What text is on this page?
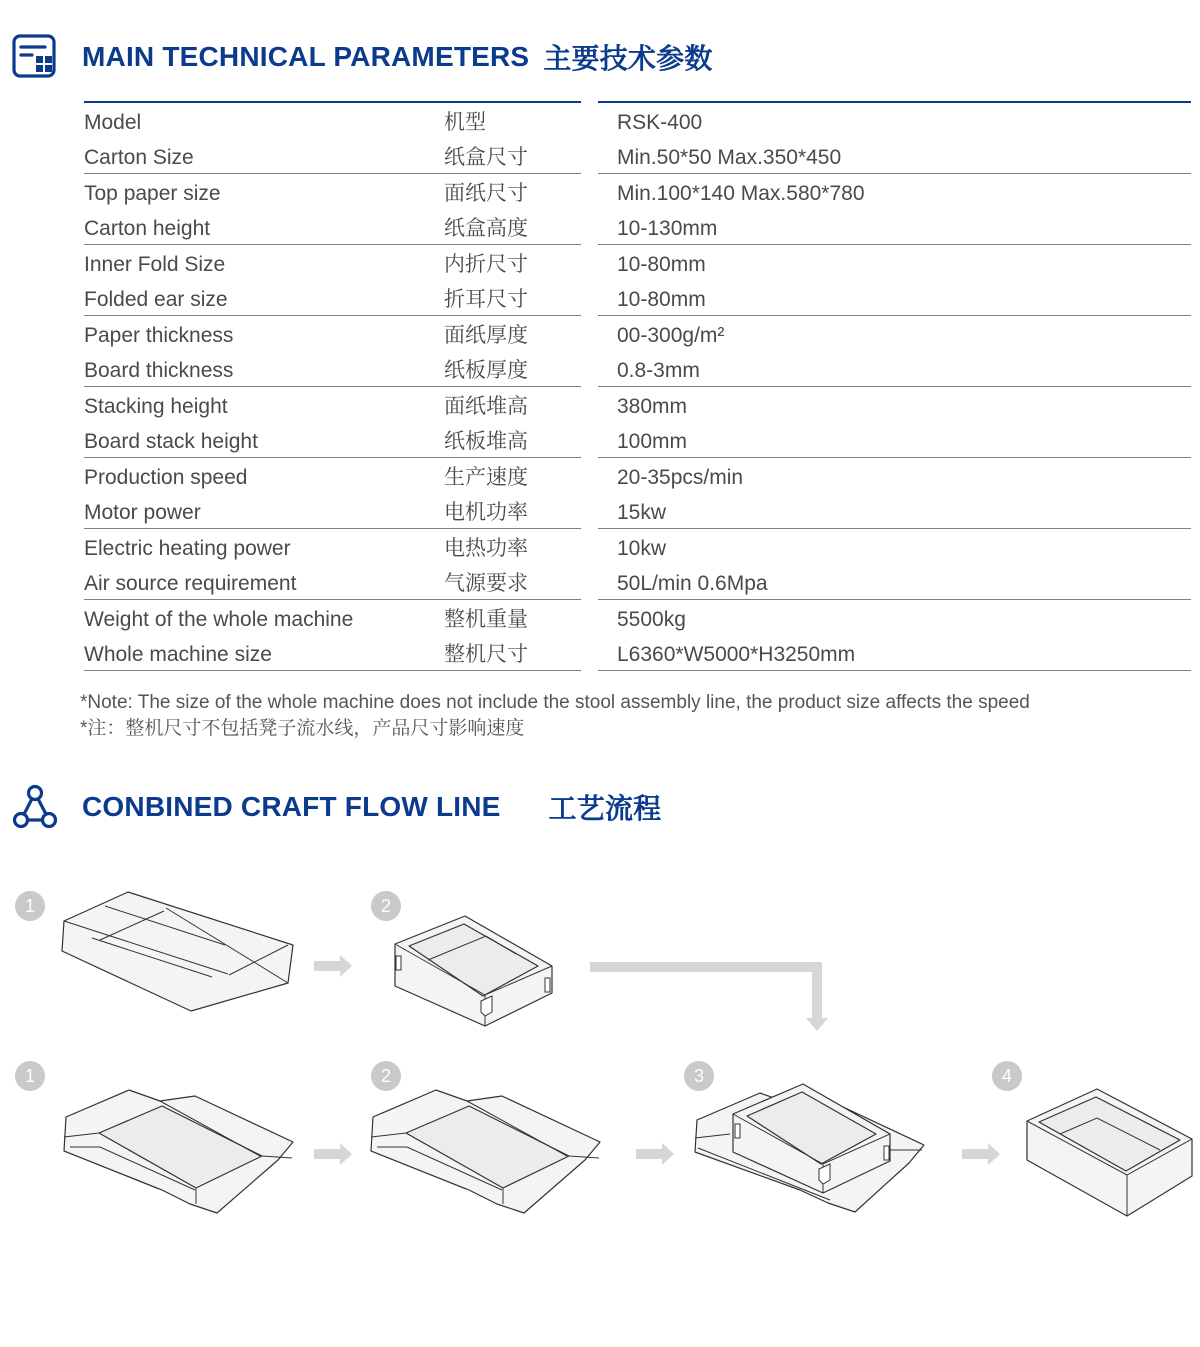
MAIN TECHNICAL PARAMETERS 主要技术参数
Model	机型	RSK-400
Carton Size	纸盒尺寸	Min.50*50 Max.350*450
Top paper size	面纸尺寸	Min.100*140 Max.580*780
Carton height	纸盒高度	10-130mm
Inner Fold Size	内折尺寸	10-80mm
Folded ear size	折耳尺寸	10-80mm
Paper thickness	面纸厚度	00-300g/m²
Board thickness	纸板厚度	0.8-3mm
Stacking height	面纸堆高	380mm
Board stack height	纸板堆高	100mm
Production speed	生产速度	20-35pcs/min
Motor power	电机功率	15kw
Electric heating power	电热功率	10kw
Air source requirement	气源要求	50L/min 0.6Mpa
Weight of the whole machine	整机重量	5500kg
Whole machine size	整机尺寸	L6360*W5000*H3250mm
*Note: The size of the whole machine does not include the stool assembly line, the product size affects the speed
*注：整机尺寸不包括凳子流水线，产品尺寸影响速度
CONBINED CRAFT FLOW LINE 工艺流程
1	2
1	2	3	4
